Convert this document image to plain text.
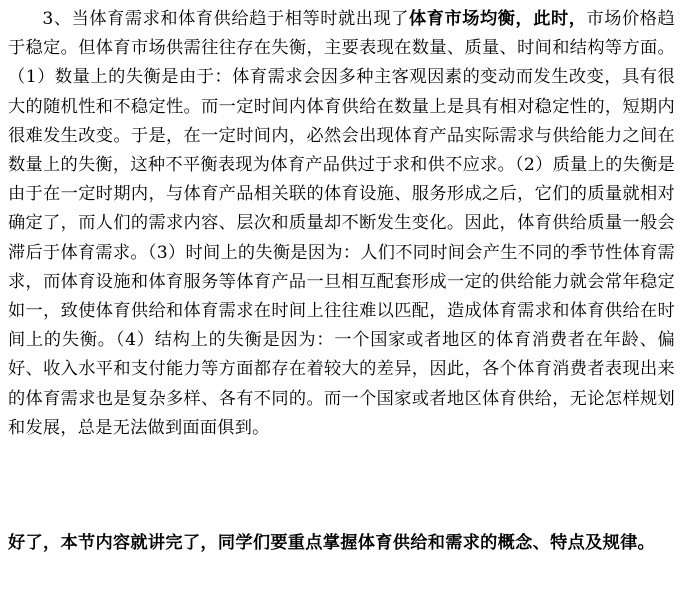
3、当体育需求和体育供给趋于相等时就出现了体育市场均衡，此时，市场价格趋于稳定。但体育市场供需往往存在失衡，主要表现在数量、质量、时间和结构等方面。（1）数量上的失衡是由于：体育需求会因多种主客观因素的变动而发生改变，具有很大的随机性和不稳定性。而一定时间内体育供给在数量上是具有相对稳定性的，短期内很难发生改变。于是，在一定时间内，必然会出现体育产品实际需求与供给能力之间在数量上的失衡，这种不平衡表现为体育产品供过于求和供不应求。（2）质量上的失衡是由于在一定时期内，与体育产品相关联的体育设施、服务形成之后，它们的质量就相对确定了，而人们的需求内容、层次和质量却不断发生变化。因此，体育供给质量一般会滞后于体育需求。（3）时间上的失衡是因为：人们不同时间会产生不同的季节性体育需求，而体育设施和体育服务等体育产品一旦相互配套形成一定的供给能力就会常年稳定如一，致使体育供给和体育需求在时间上往往难以匹配，造成体育需求和体育供给在时间上的失衡。（4）结构上的失衡是因为：一个国家或者地区的体育消费者在年龄、偏好、收入水平和支付能力等方面都存在着较大的差异，因此，各个体育消费者表现出来的体育需求也是复杂多样、各有不同的。而一个国家或者地区体育供给，无论怎样规划和发展，总是无法做到面面俱到。

好了，本节内容就讲完了，同学们要重点掌握体育供给和需求的概念、特点及规律。
